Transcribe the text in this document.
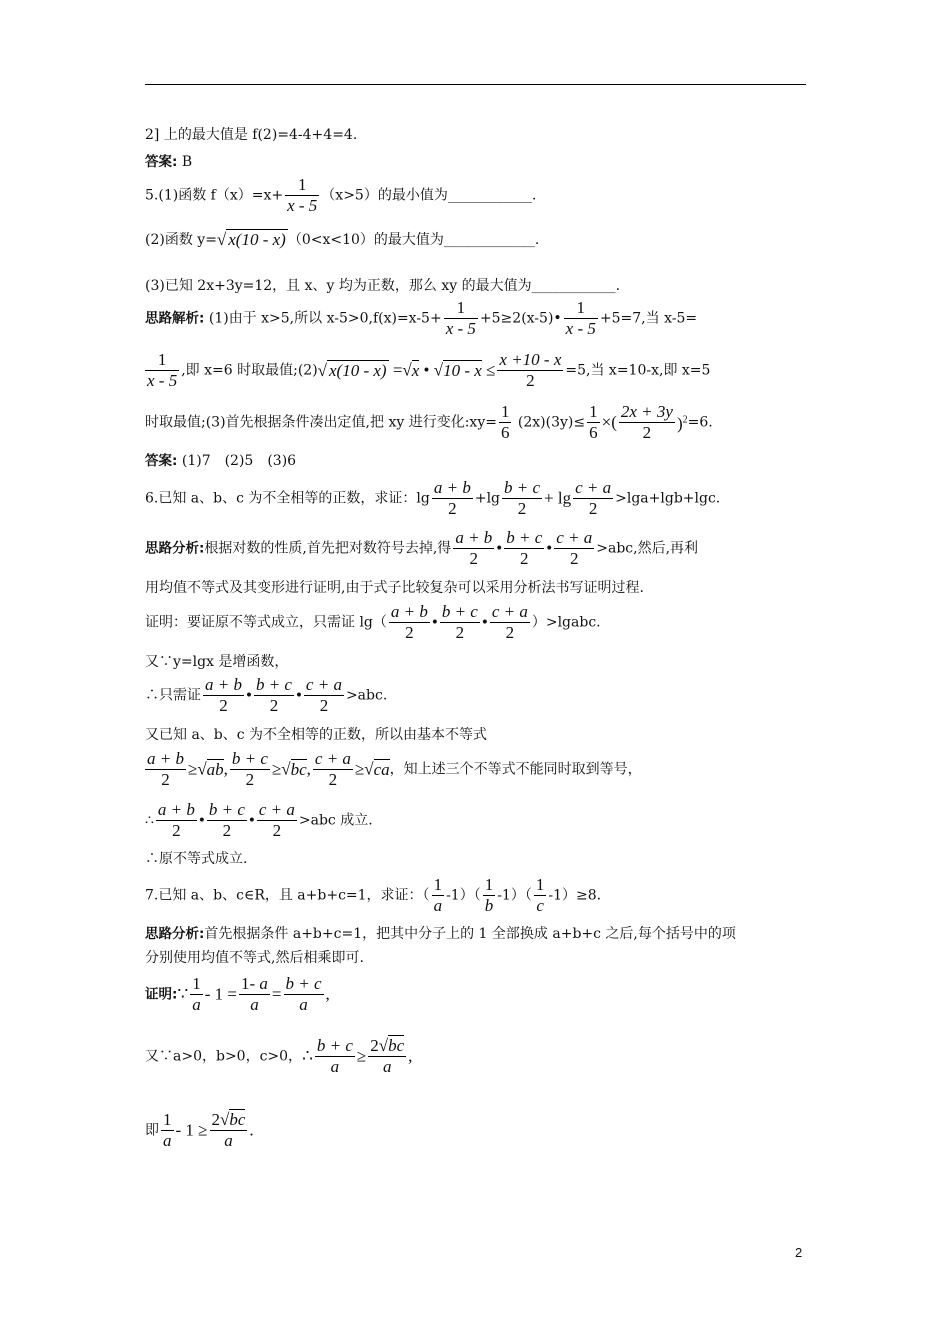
2] 上的最大值是 f(2)=4-4+4=4.
答案: B
5.(1)函数 $f(x)=x+ \frac{1}{x - 5} (x>5)$的最小值为____________.
(2)函数 y=√ x(10 - x) （0<x<10）的最大值为_____________.
(3)已知 2x+3y=12，且 x、y 均为正数，那么 xy 的最大值为____________.
思路解析: (1)由于 x>5,所以 $x-5>0,f(x)=x-5+ \frac{1}{x - 5}$ +5≥2(x-5)• $\frac{1}{x - 5} +5=7$,当 x-5=
$\frac{1}{x - 5}$ ,即 x=6 时取最值;(2)√ x(10 - x) =√x • $√10 - x \le \frac{x +10 - x}{2} =5$,当 x=10-x,即 x=5
时取最值;(3)首先根据条件凑出定值,把 xy 进行变化:xy= $\frac{1}{6} (2x)(3y)\le \frac{1}{6}$ ×( $\frac{2x + 3y}{2} )^2=6$.
答案: (1)7　(2)5　(3)6
6.已知 a、b、c 为不全相等的正数，求证：$\lg \frac{a + b}{2} +\lg \frac{b + c}{2} + \lg \frac{c + a}{2} >\lg a+\lg b+\lg c$.
思路分析:根据对数的性质,首先把对数符号去掉,得 $\frac{a + b}{2}$ • $\frac{b + c}{2}$ • $\frac{c + a}{2} >abc$,然后,再利
用均值不等式及其变形进行证明,由于式子比较复杂可以采用分析法书写证明过程.
证明：要证原不等式成立，只需证 $\lg( \frac{a + b}{2}$ • $\frac{b + c}{2}$ • $\frac{c + a}{2}$ ）>lgabc.
又∵y=lgx 是增函数，
∴只需证 $\frac{a + b}{2}$ • $\frac{b + c}{2}$ • $\frac{c + a}{2} >abc$.
又已知 a、b、c 为不全相等的正数，所以由基本不等式
$\frac{a + b}{2} \ge√ab$, $\frac{b + c}{2} \ge√bc$, $\frac{c + a}{2} \ge√ca$，知上述三个不等式不能同时取到等号，
∴ $\frac{a + b}{2}$ • $\frac{b + c}{2}$ • $\frac{c + a}{2} >abc$ 成立.
∴原不等式成立.
7.已知 a、b、c∈R，且 a+b+c=1，求证：（ $\frac{1}{a} -1)( \frac{1}{b} -1)( \frac{1}{c} -1)\ge 8$.
思路分析:首先根据条件 a+b+c=1，把其中分子上的 1 全部换成 a+b+c 之后,每个括号中的项
分别使用均值不等式,然后相乘即可.
证明:∵ $\frac{1}{a} - 1 = \frac{1- a}{a} = \frac{b + c}{a}$ ,
又∵a>0，b>0，c>0，∴ $\frac{b + c}{a} \ge \frac{2√bc}{a}$ ,
即 $\frac{1}{a} - 1 \ge \frac{2√bc}{a}$ .
2
